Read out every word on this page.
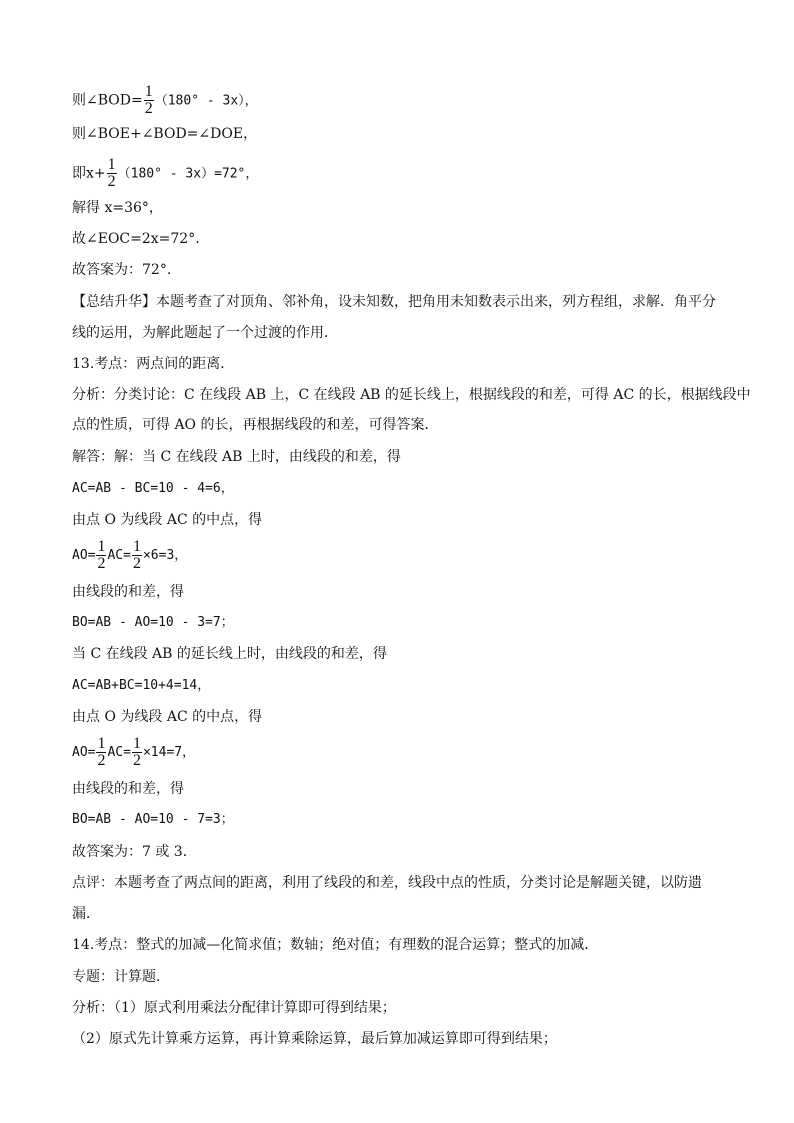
则∠BOD= $\frac{1}{2} (180^\circ - 3x)$，
则∠BOE+∠BOD=∠DOE，
即$x+ \frac{1}{2} (180^\circ - 3x)=72^\circ$，
解得 x=36°，
故∠EOC=2x=72°.
故答案为：72°.
【总结升华】本题考查了对顶角、邻补角，设未知数，把角用未知数表示出来，列方程组，求解．角平分
线的运用，为解此题起了一个过渡的作用．
13.考点：两点间的距离．
分析：分类讨论：C 在线段 AB 上，C 在线段 AB 的延长线上，根据线段的和差，可得 AC 的长，根据线段中
点的性质，可得 AO 的长，再根据线段的和差，可得答案．
解答：解：当 C 在线段 AB 上时，由线段的和差，得
AC=AB - BC=10 - 4=6，
由点 O 为线段 AC 的中点，得
$AO= \frac{1}{2} AC= \frac{1}{2} \times 6=3$，
由线段的和差，得
BO=AB - AO=10 - 3=7；
当 C 在线段 AB 的延长线上时，由线段的和差，得
AC=AB+BC=10+4=14，
由点 O 为线段 AC 的中点，得
$AO= \frac{1}{2} AC= \frac{1}{2} \times 14=7$，
由线段的和差，得
BO=AB - AO=10 - 7=3；
故答案为：7 或 3．
点评：本题考查了两点间的距离，利用了线段的和差，线段中点的性质，分类讨论是解题关键，以防遗
漏．
14.考点：整式的加减—化简求值；数轴；绝对值；有理数的混合运算；整式的加减．
专题：计算题．
分析：（1）原式利用乘法分配律计算即可得到结果；
（2）原式先计算乘方运算，再计算乘除运算，最后算加减运算即可得到结果；
